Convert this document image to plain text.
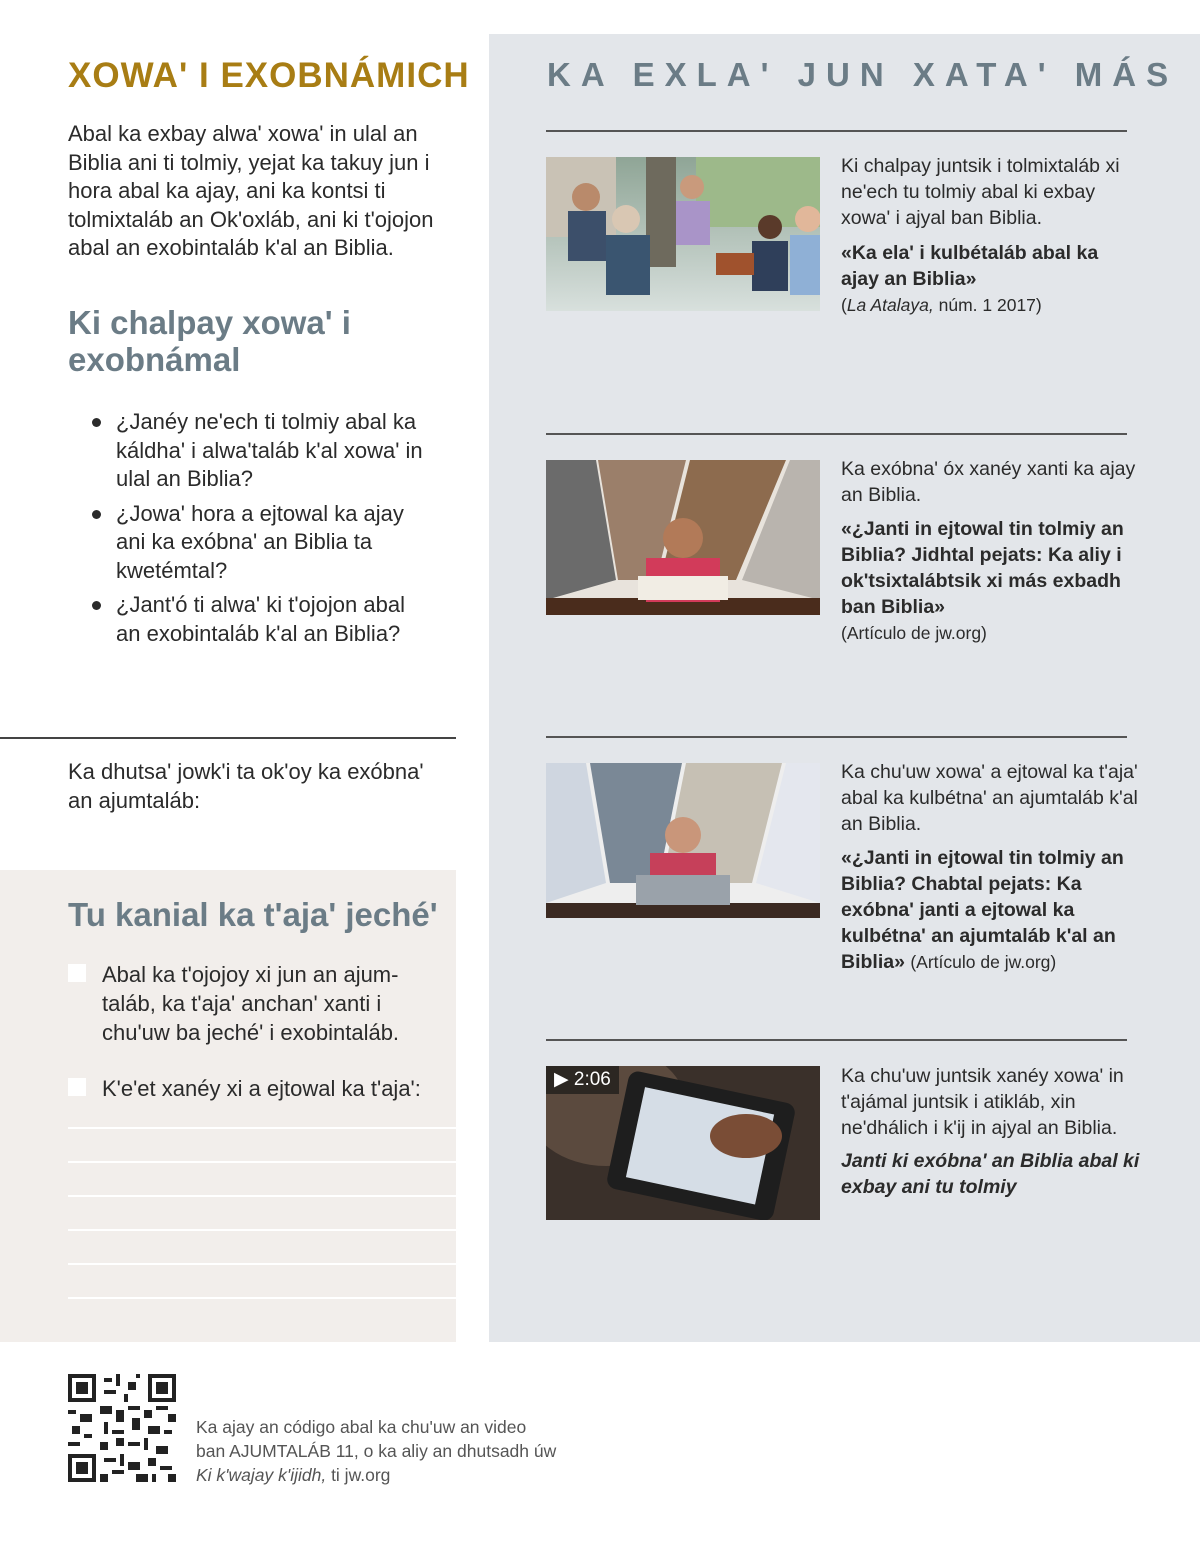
XOWA' I EXOBNÁMICH

Abal ka exbay alwa' xowa' in ulal an Biblia ani ti tolmiy, yejat ka takuy jun i hora abal ka ajay, ani ka kontsi ti tolmixtaláb an Ok'oxláb, ani ki t'ojojon abal an exobintaláb k'al an Biblia.

Ki chalpay xowa' i exobnámal
¿Janéy ne'ech ti tolmiy abal ka káldha' i alwa'taláb k'al xowa' in ulal an Biblia?
¿Jowa' hora a ejtowal ka ajay ani ka exóbna' an Biblia ta kwetémtal?
¿Jant'ó ti alwa' ki t'ojojon abal an exobintaláb k'al an Biblia?

Ka dhutsa' jowk'i ta ok'oy ka exóbna' an ajumtaláb:

Tu kanial ka t'aja' jeché'
Abal ka t'ojojoy xi jun an ajum- taláb, ka t'aja' anchan' xanti i chu'uw ba jeché' i exobintaláb.
K'e'et xanéy xi a ejtowal ka t'aja':
KA EXLA' JUN XATA' MÁS

Ki chalpay juntsik i tolmixtaláb xi ne'ech tu tolmiy abal ki exbay xowa' i ajyal ban Biblia.

«Ka ela' i kulbétaláb abal ka ajay an Biblia»
(La Atalaya, núm. 1 2017)

Ka exóbna' óx xanéy xanti ka ajay an Biblia.

«¿Janti in ejtowal tin tolmiy an Biblia? Jidhtal pejats: Ka aliy i ok'tsixtalábtsik xi más exbadh ban Biblia»
(Artículo de jw.org)

Ka chu'uw xowa' a ejtowal ka t'aja' abal ka kulbétna' an ajumtaláb k'al an Biblia.

«¿Janti in ejtowal tin tolmiy an Biblia? Chabtal pejats: Ka exóbna' janti a ejtowal ka kulbétna' an ajumtaláb k'al an Biblia» (Artículo de jw.org)

▶ 2:06	Ka chu'uw juntsik xanéy xowa' in t'ajámal juntsik i atikláb, xin ne'dhálich i k'ij in ajyal an Biblia.

Janti ki exóbna' an Biblia abal ki exbay ani tu tolmiy

Ka ajay an código abal ka chu'uw an video
ban AJUMTALÁB 11, o ka aliy an dhutsadh úw
Ki k'wajay k'ijidh, ti jw.org
